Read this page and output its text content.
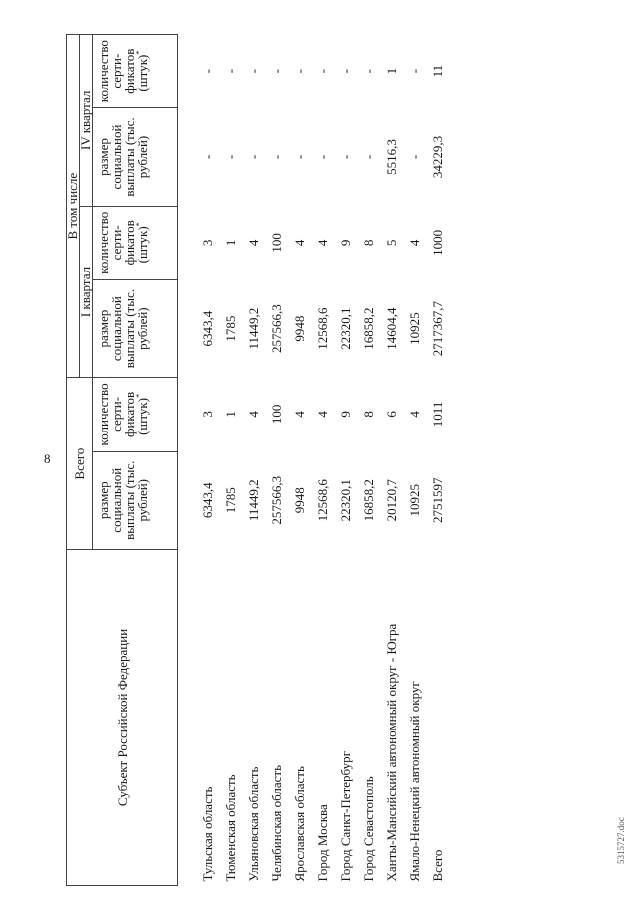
8
5315727.doc
Субъект Российской Федерации	Всего		В том числе			
			I квартал		IV квартал	
	размер социальной выплаты (тыс. рублей)	количество серти- фикатов (штук)*	размер социальной выплаты (тыс. рублей)	количество серти- фикатов (штук)*	размер социальной выплаты (тыс. рублей)	количество серти- фикатов (штук)*

Тульская область	6343,4	3	6343,4	3	-	-
Тюменская область	1785	1	1785	1	-	-
Ульяновская область	11449,2	4	11449,2	4	-	-
Челябинская область	257566,3	100	257566,3	100	-	-
Ярославская область	9948	4	9948	4	-	-
Город Москва	12568,6	4	12568,6	4	-	-
Город Санкт-Петербург	22320,1	9	22320,1	9	-	-
Город Севастополь	16858,2	8	16858,2	8	-	-
Ханты-Мансийский автономный округ - Югра	20120,7	6	14604,4	5	5516,3	1
Ямало-Ненецкий автономный округ	10925	4	10925	4	-	-
Всего	2751597	1011	2717367,7	1000	34229,3	11
